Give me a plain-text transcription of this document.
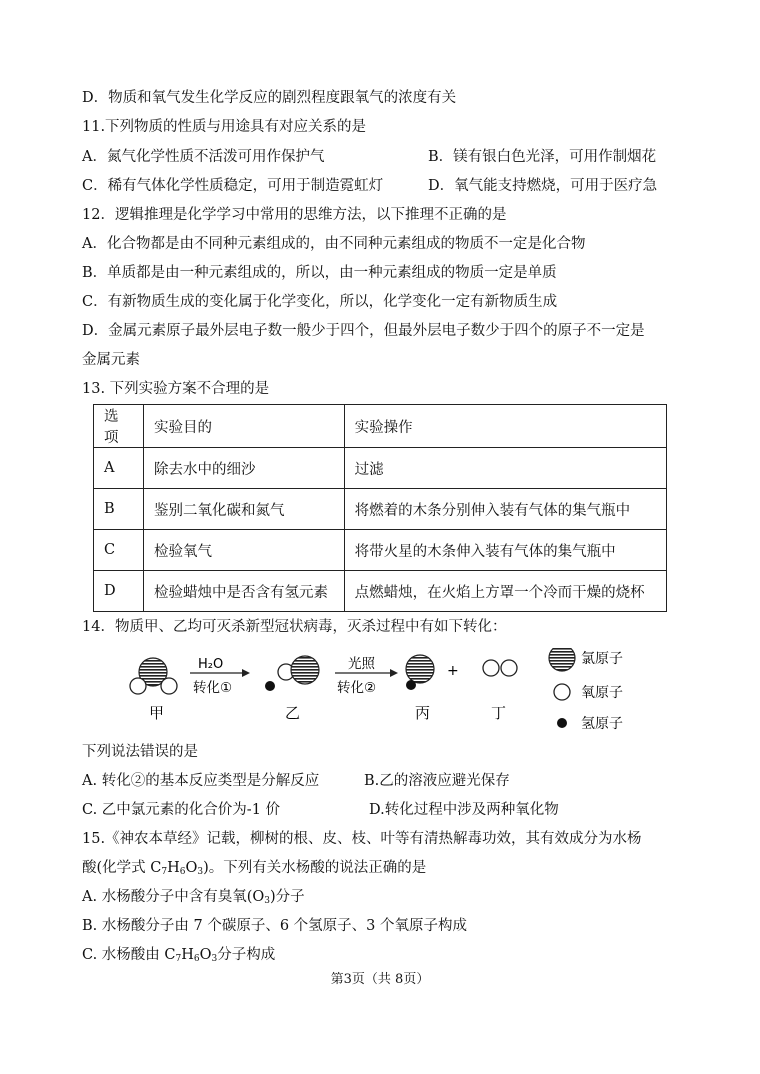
D．物质和氧气发生化学反应的剧烈程度跟氧气的浓度有关
11.下列物质的性质与用途具有对应关系的是
A．氮气化学性质不活泼可用作保护气	B．镁有银白色光泽，可用作制烟花
C．稀有气体化学性质稳定，可用于制造霓虹灯	D．氧气能支持燃烧，可用于医疗急
12．逻辑推理是化学学习中常用的思维方法，以下推理不正确的是
A．化合物都是由不同种元素组成的，由不同种元素组成的物质不一定是化合物
B．单质都是由一种元素组成的，所以，由一种元素组成的物质一定是单质
C．有新物质生成的变化属于化学变化，所以，化学变化一定有新物质生成
D．金属元素原子最外层电子数一般少于四个，但最外层电子数少于四个的原子不一定是
金属元素
13. 下列实验方案不合理的是
选项	实验目的	实验操作
A	除去水中的细沙	过滤
B	鉴别二氧化碳和氮气	将燃着的木条分别伸入装有气体的集气瓶中
C	检验氧气	将带火星的木条伸入装有气体的集气瓶中
D	检验蜡烛中是否含有氢元素	点燃蜡烛，在火焰上方罩一个冷而干燥的烧杯
14．物质甲、乙均可灭杀新型冠状病毒，灭杀过程中有如下转化：
H₂O
转化①
光照
转化②
+
甲	乙	丙	丁
氯原子
氧原子
氢原子
下列说法错误的是
A. 转化②的基本反应类型是分解反应	B.乙的溶液应避光保存
C. 乙中氯元素的化合价为-1 价	D.转化过程中涉及两种氧化物
15.《神农本草经》记载，柳树的根、皮、枝、叶等有清热解毒功效，其有效成分为水杨
酸(化学式 $C_7H_6O_3$)。下列有关水杨酸的说法正确的是
A. 水杨酸分子中含有臭氧$(O_3)$分子
B. 水杨酸分子由 7 个碳原子、6 个氢原子、3 个氧原子构成
C. 水杨酸由 $C_7H_6O_3$分子构成
第3页（共 8页）
